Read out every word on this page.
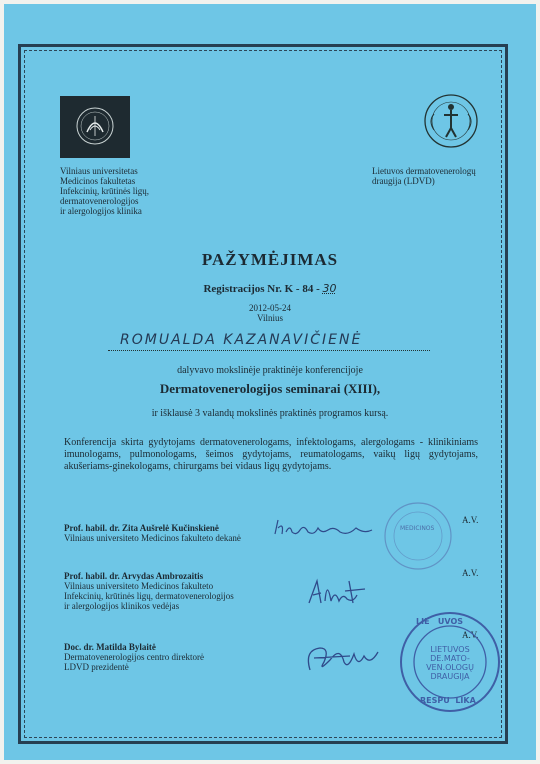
Vilniaus universitetas
Medicinos fakultetas
Infekcinių, krūtinės ligų,
dermatovenerologijos
ir alergologijos klinika
Lietuvos dermatovenerologų
draugija (LDVD)
PAŽYMĖJIMAS
Registracijos Nr. K - 84 - 30
2012-05-24
Vilnius
ROMUALDA KAZANAVIČIENĖ
dalyvavo mokslinėje praktinėje konferencijoje
Dermatovenerologijos seminarai (XIII),
ir išklausė 3 valandų mokslinės praktinės programos kursą.
Konferencija skirta gydytojams dermatovenerologams, infektologams, alergologams - klinikiniams imunologams, pulmonologams, šeimos gydytojams, reumatologams, vaikų ligų gydytojams, akušeriams-ginekologams, chirurgams bei vidaus ligų gydytojams.
Prof. habil. dr. Zita Aušrelė Kučinskienė
Vilniaus universiteto Medicinos fakulteto dekanė
MEDICINOS
A.V.
Prof. habil. dr. Arvydas Ambrozaitis
Vilniaus universiteto Medicinos fakulteto
Infekcinių, krūtinės ligų, dermatovenerologijos
ir alergologijos klinikos vedėjas
A.V.
Doc. dr. Matilda Bylaitė
Dermatovenerologijos centro direktorė
LDVD prezidentė
A.V.
LIE UVOS
LIETUVOS
DE.MATO-
VEN.OLOGŲ
DRAUGIJA
RESPU LIKA
